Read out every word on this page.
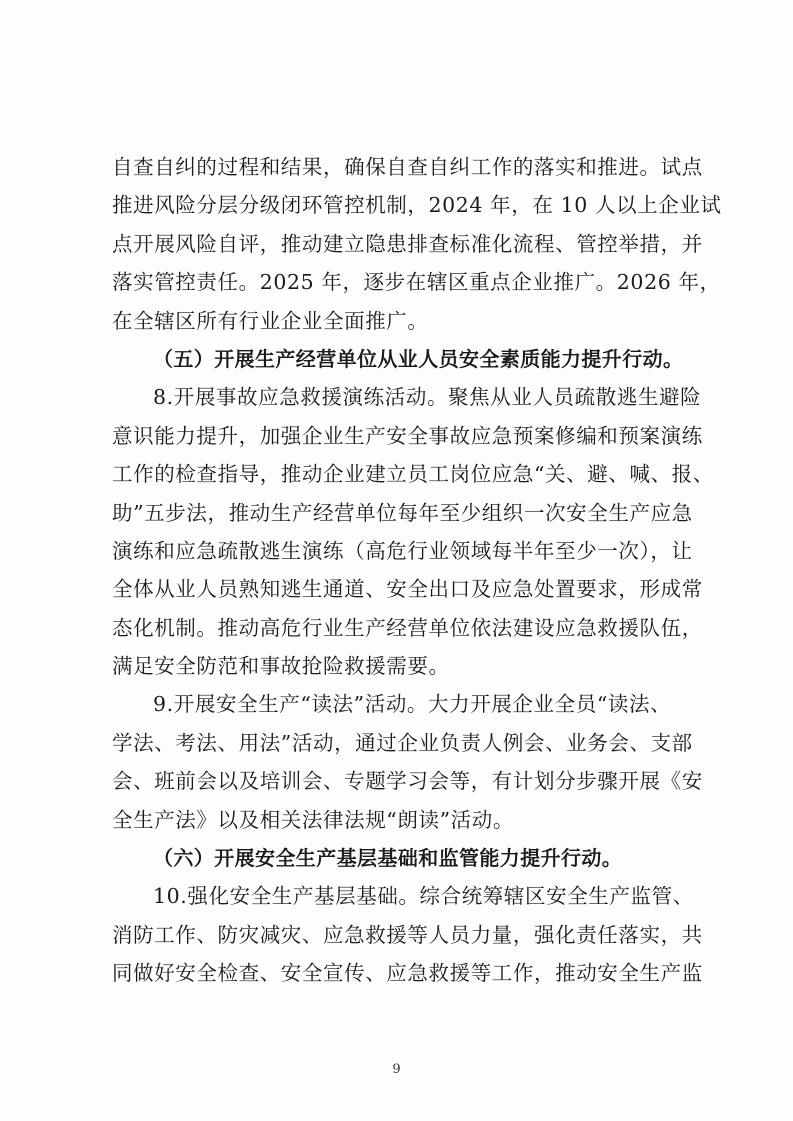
自查自纠的过程和结果，确保自查自纠工作的落实和推进。试点
推进风险分层分级闭环管控机制，2024 年，在 10 人以上企业试
点开展风险自评，推动建立隐患排查标准化流程、管控举措，并
落实管控责任。2025 年，逐步在辖区重点企业推广。2026 年，
在全辖区所有行业企业全面推广。
（五）开展生产经营单位从业人员安全素质能力提升行动。
8.开展事故应急救援演练活动。聚焦从业人员疏散逃生避险
意识能力提升，加强企业生产安全事故应急预案修编和预案演练
工作的检查指导，推动企业建立员工岗位应急“关、避、喊、报、
助”五步法，推动生产经营单位每年至少组织一次安全生产应急
演练和应急疏散逃生演练（高危行业领域每半年至少一次），让
全体从业人员熟知逃生通道、安全出口及应急处置要求，形成常
态化机制。推动高危行业生产经营单位依法建设应急救援队伍，
满足安全防范和事故抢险救援需要。
9.开展安全生产“读法”活动。大力开展企业全员“读法、
学法、考法、用法”活动，通过企业负责人例会、业务会、支部
会、班前会以及培训会、专题学习会等，有计划分步骤开展《安
全生产法》以及相关法律法规“朗读”活动。
（六）开展安全生产基层基础和监管能力提升行动。
10.强化安全生产基层基础。综合统筹辖区安全生产监管、
消防工作、防灾减灾、应急救援等人员力量，强化责任落实，共
同做好安全检查、安全宣传、应急救援等工作，推动安全生产监
9
